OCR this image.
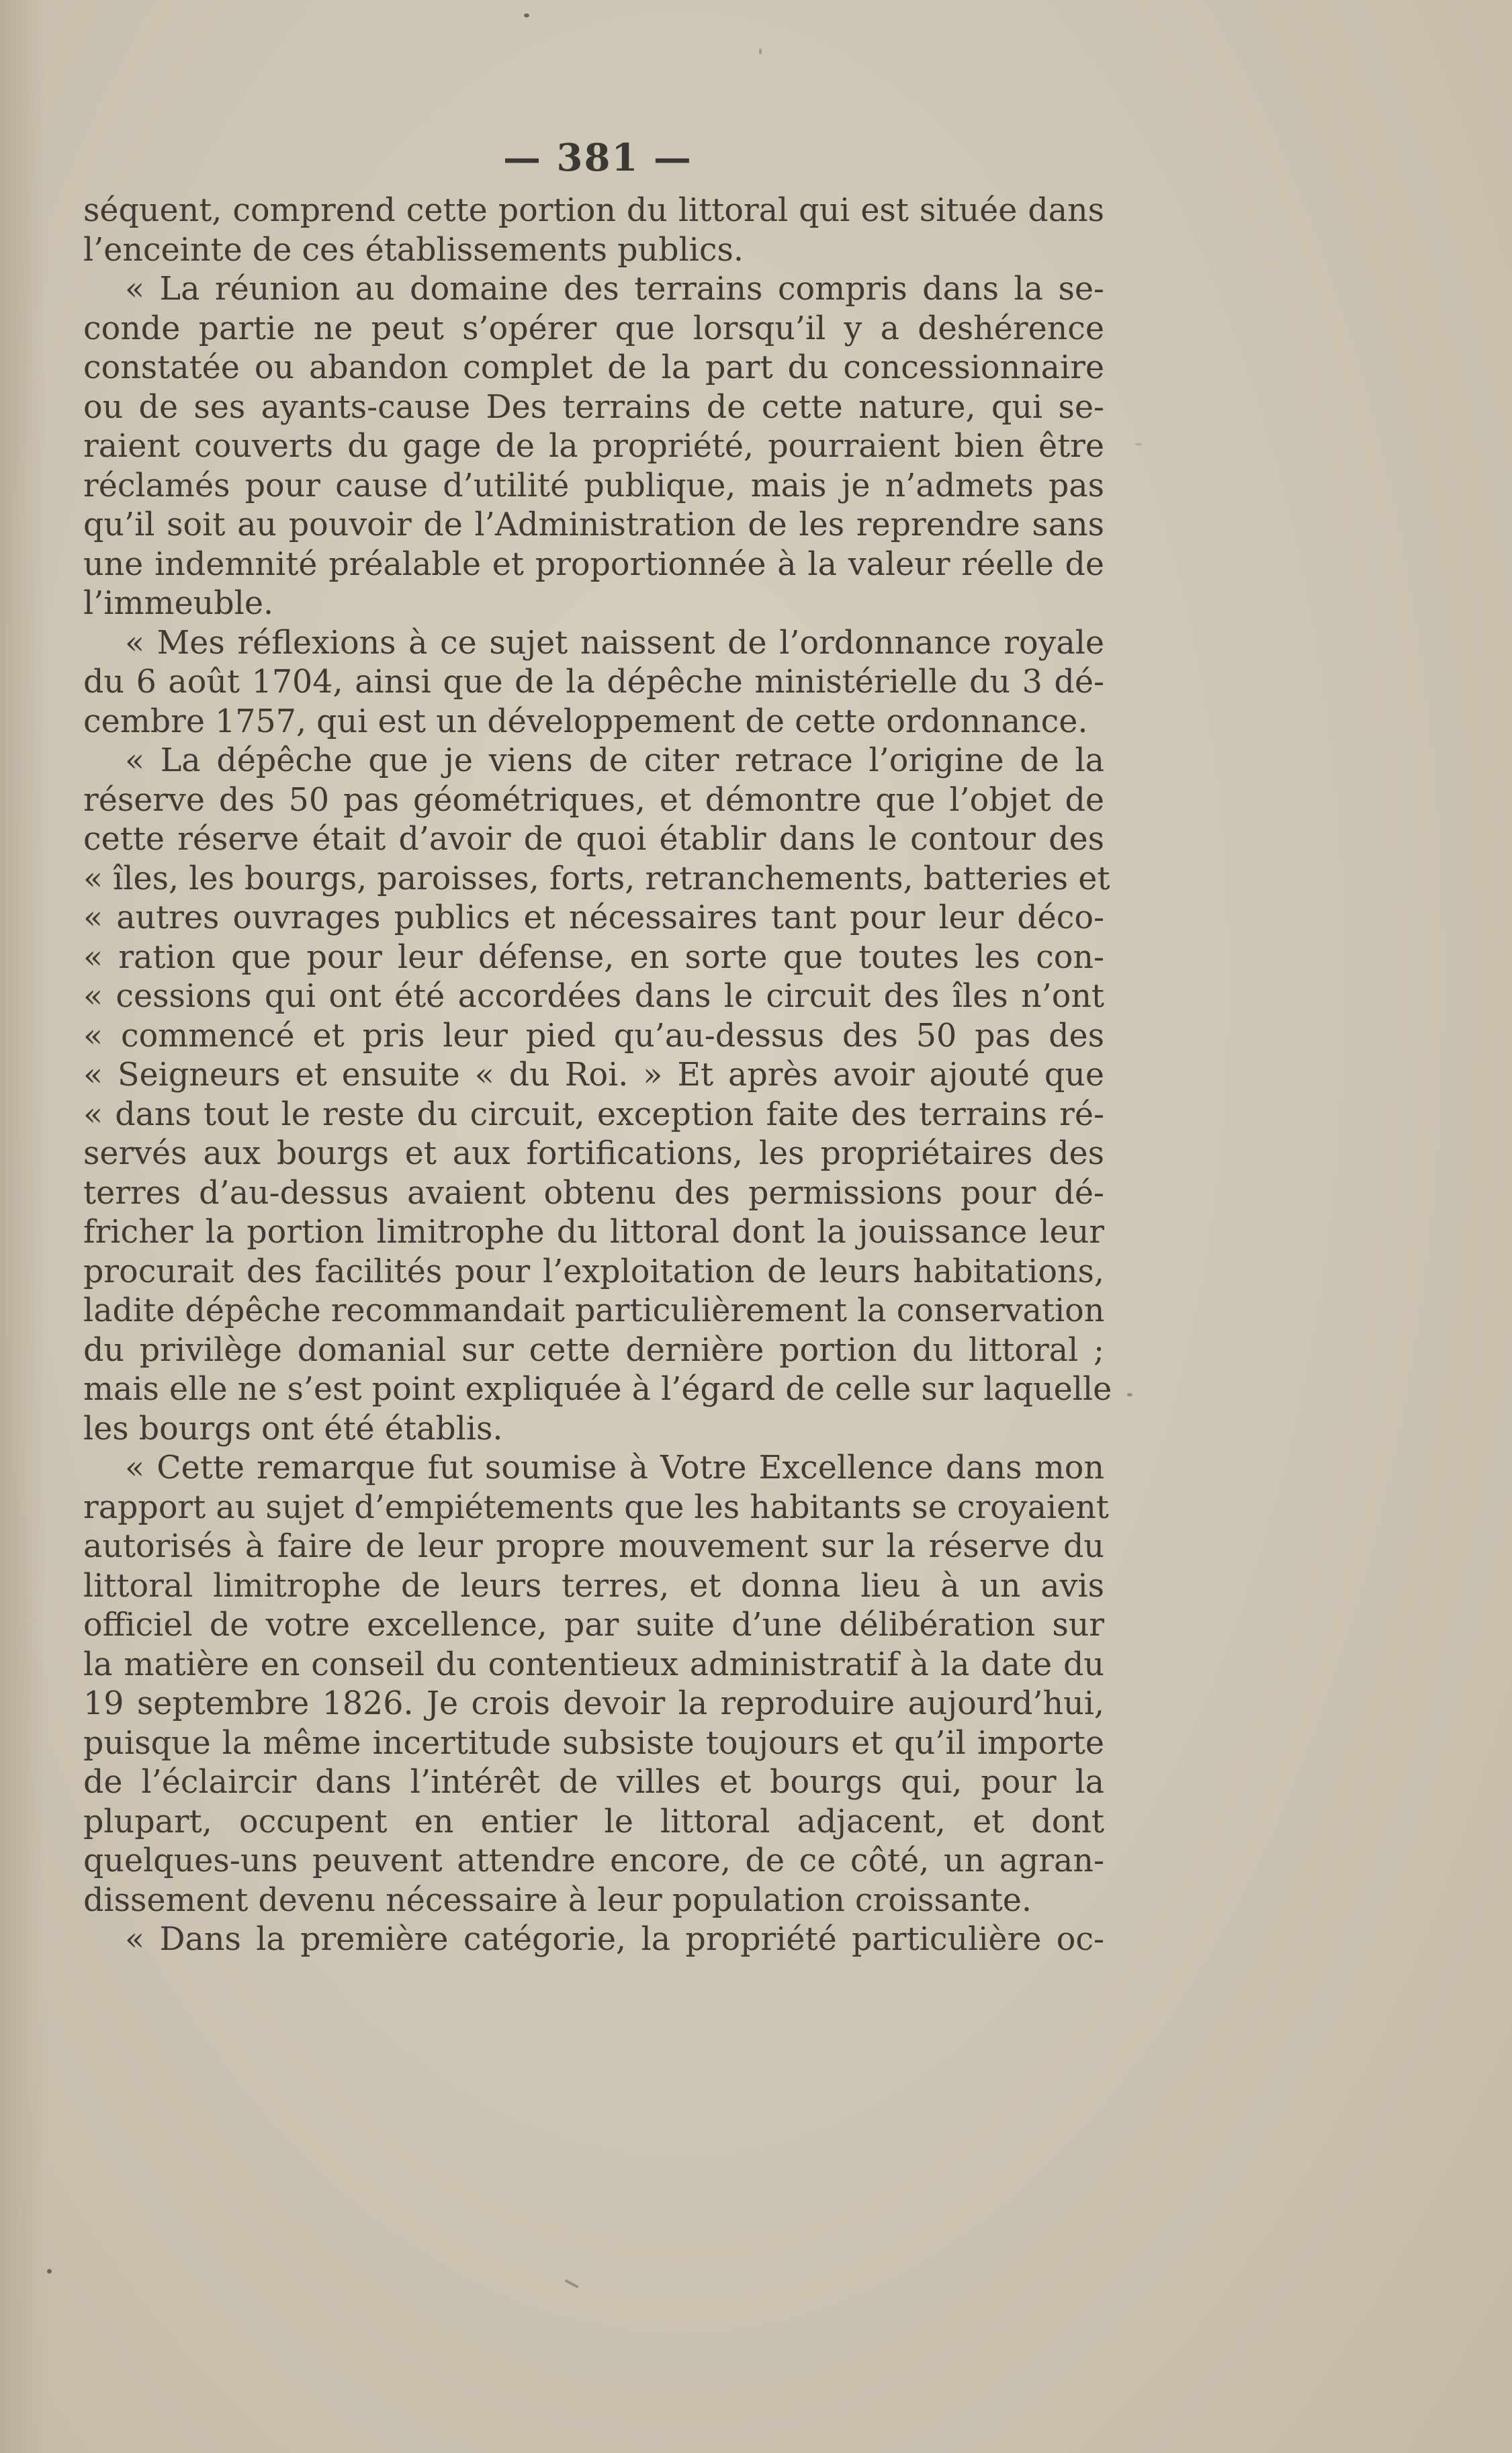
— 381 —
séquent, comprend cette portion du littoral qui est située dans
l’enceinte de ces établissements publics.
« La réunion au domaine des terrains compris dans la se-
conde partie ne peut s’opérer que lorsqu’il y a deshérence
constatée ou abandon complet de la part du concessionnaire
ou de ses ayants-cause Des terrains de cette nature, qui se-
raient couverts du gage de la propriété, pourraient bien être
réclamés pour cause d’utilité publique, mais je n’admets pas
qu’il soit au pouvoir de l’Administration de les reprendre sans
une indemnité préalable et proportionnée à la valeur réelle de
l’immeuble.
« Mes réflexions à ce sujet naissent de l’ordonnance royale
du 6 août 1704, ainsi que de la dépêche ministérielle du 3 dé-
cembre 1757, qui est un développement de cette ordonnance.
« La dépêche que je viens de citer retrace l’origine de la
réserve des 50 pas géométriques, et démontre que l’objet de
cette réserve était d’avoir de quoi établir dans le contour des
« îles, les bourgs, paroisses, forts, retranchements, batteries et
« autres ouvrages publics et nécessaires tant pour leur déco-
« ration que pour leur défense, en sorte que toutes les con-
« cessions qui ont été accordées dans le circuit des îles n’ont
« commencé et pris leur pied qu’au-dessus des 50 pas des
« Seigneurs et ensuite « du Roi. » Et après avoir ajouté que
« dans tout le reste du circuit, exception faite des terrains ré-
servés aux bourgs et aux fortifications, les propriétaires des
terres d’au-dessus avaient obtenu des permissions pour dé-
fricher la portion limitrophe du littoral dont la jouissance leur
procurait des facilités pour l’exploitation de leurs habitations,
ladite dépêche recommandait particulièrement la conservation
du privilège domanial sur cette dernière portion du littoral ;
mais elle ne s’est point expliquée à l’égard de celle sur laquelle
les bourgs ont été établis.
« Cette remarque fut soumise à Votre Excellence dans mon
rapport au sujet d’empiétements que les habitants se croyaient
autorisés à faire de leur propre mouvement sur la réserve du
littoral limitrophe de leurs terres, et donna lieu à un avis
officiel de votre excellence, par suite d’une délibération sur
la matière en conseil du contentieux administratif à la date du
19 septembre 1826. Je crois devoir la reproduire aujourd’hui,
puisque la même incertitude subsiste toujours et qu’il importe
de l’éclaircir dans l’intérêt de villes et bourgs qui, pour la
plupart, occupent en entier le littoral adjacent, et dont
quelques-uns peuvent attendre encore, de ce côté, un agran-
dissement devenu nécessaire à leur population croissante.
« Dans la première catégorie, la propriété particulière oc-
